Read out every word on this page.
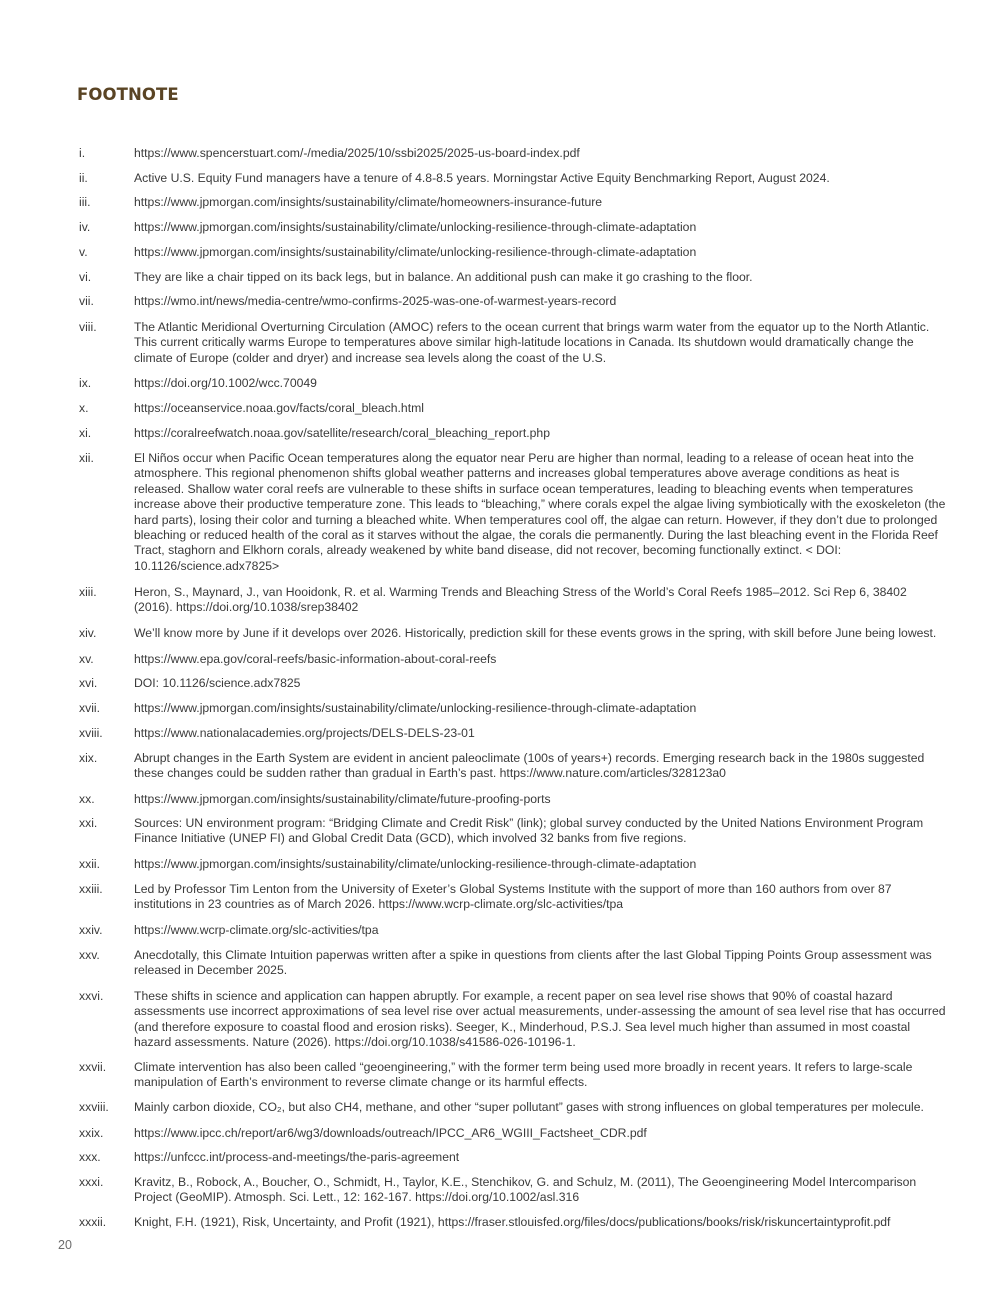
FOOTNOTE
i.	https://www.spencerstuart.com/-/media/2025/10/ssbi2025/2025-us-board-index.pdf
ii.	Active U.S. Equity Fund managers have a tenure of 4.8-8.5 years. Morningstar Active Equity Benchmarking Report, August 2024.
iii.	https://www.jpmorgan.com/insights/sustainability/climate/homeowners-insurance-future
iv.	https://www.jpmorgan.com/insights/sustainability/climate/unlocking-resilience-through-climate-adaptation
v.	https://www.jpmorgan.com/insights/sustainability/climate/unlocking-resilience-through-climate-adaptation
vi.	They are like a chair tipped on its back legs, but in balance. An additional push can make it go crashing to the floor.
vii.	https://wmo.int/news/media-centre/wmo-confirms-2025-was-one-of-warmest-years-record
viii.	The Atlantic Meridional Overturning Circulation (AMOC) refers to the ocean current that brings warm water from the equator up to the North Atlantic. This current critically warms Europe to temperatures above similar high-latitude locations in Canada. Its shutdown would dramatically change the climate of Europe (colder and dryer) and increase sea levels along the coast of the U.S.
ix.	https://doi.org/10.1002/wcc.70049
x.	https://oceanservice.noaa.gov/facts/coral_bleach.html
xi.	https://coralreefwatch.noaa.gov/satellite/research/coral_bleaching_report.php
xii.	El Niños occur when Pacific Ocean temperatures along the equator near Peru are higher than normal, leading to a release of ocean heat into the atmosphere. This regional phenomenon shifts global weather patterns and increases global temperatures above average conditions as heat is released. Shallow water coral reefs are vulnerable to these shifts in surface ocean temperatures, leading to bleaching events when temperatures increase above their productive temperature zone. This leads to “bleaching,” where corals expel the algae living symbiotically with the exoskeleton (the hard parts), losing their color and turning a bleached white. When temperatures cool off, the algae can return. However, if they don’t due to prolonged bleaching or reduced health of the coral as it starves without the algae, the corals die permanently. During the last bleaching event in the Florida Reef Tract, staghorn and Elkhorn corals, already weakened by white band disease, did not recover, becoming functionally extinct. < DOI: 10.1126/science.adx7825>
xiii.	Heron, S., Maynard, J., van Hooidonk, R. et al. Warming Trends and Bleaching Stress of the World’s Coral Reefs 1985–2012. Sci Rep 6, 38402 (2016). https://doi.org/10.1038/srep38402
xiv.	We’ll know more by June if it develops over 2026. Historically, prediction skill for these events grows in the spring, with skill before June being lowest.
xv.	https://www.epa.gov/coral-reefs/basic-information-about-coral-reefs
xvi.	DOI: 10.1126/science.adx7825
xvii.	https://www.jpmorgan.com/insights/sustainability/climate/unlocking-resilience-through-climate-adaptation
xviii.	https://www.nationalacademies.org/projects/DELS-DELS-23-01
xix.	Abrupt changes in the Earth System are evident in ancient paleoclimate (100s of years+) records. Emerging research back in the 1980s suggested these changes could be sudden rather than gradual in Earth’s past. https://www.nature.com/articles/328123a0
xx.	https://www.jpmorgan.com/insights/sustainability/climate/future-proofing-ports
xxi.	Sources: UN environment program: “Bridging Climate and Credit Risk” (link); global survey conducted by the United Nations Environment Program Finance Initiative (UNEP FI) and Global Credit Data (GCD), which involved 32 banks from five regions.
xxii.	https://www.jpmorgan.com/insights/sustainability/climate/unlocking-resilience-through-climate-adaptation
xxiii.	Led by Professor Tim Lenton from the University of Exeter’s Global Systems Institute with the support of more than 160 authors from over 87 institutions in 23 countries as of March 2026. https://www.wcrp-climate.org/slc-activities/tpa
xxiv.	https://www.wcrp-climate.org/slc-activities/tpa
xxv.	Anecdotally, this Climate Intuition paperwas written after a spike in questions from clients after the last Global Tipping Points Group assessment was released in December 2025.
xxvi.	These shifts in science and application can happen abruptly. For example, a recent paper on sea level rise shows that 90% of coastal hazard assessments use incorrect approximations of sea level rise over actual measurements, under-assessing the amount of sea level rise that has occurred (and therefore exposure to coastal flood and erosion risks). Seeger, K., Minderhoud, P.S.J. Sea level much higher than assumed in most coastal hazard assessments. Nature (2026). https://doi.org/10.1038/s41586-026-10196-1.
xxvii. Climate intervention has also been called “geoengineering,” with the former term being used more broadly in recent years. It refers to large-scale manipulation of Earth’s environment to reverse climate change or its harmful effects.
xxviii. Mainly carbon dioxide, CO₂, but also CH4, methane, and other “super pollutant” gases with strong influences on global temperatures per molecule.
xxix.	https://www.ipcc.ch/report/ar6/wg3/downloads/outreach/IPCC_AR6_WGIII_Factsheet_CDR.pdf
xxx.	https://unfccc.int/process-and-meetings/the-paris-agreement
xxxi.	Kravitz, B., Robock, A., Boucher, O., Schmidt, H., Taylor, K.E., Stenchikov, G. and Schulz, M. (2011), The Geoengineering Model Intercomparison Project (GeoMIP). Atmosph. Sci. Lett., 12: 162-167. https://doi.org/10.1002/asl.316
xxxii. Knight, F.H. (1921), Risk, Uncertainty, and Profit (1921), https://fraser.stlouisfed.org/files/docs/publications/books/risk/riskuncertaintyprofit.pdf
20
